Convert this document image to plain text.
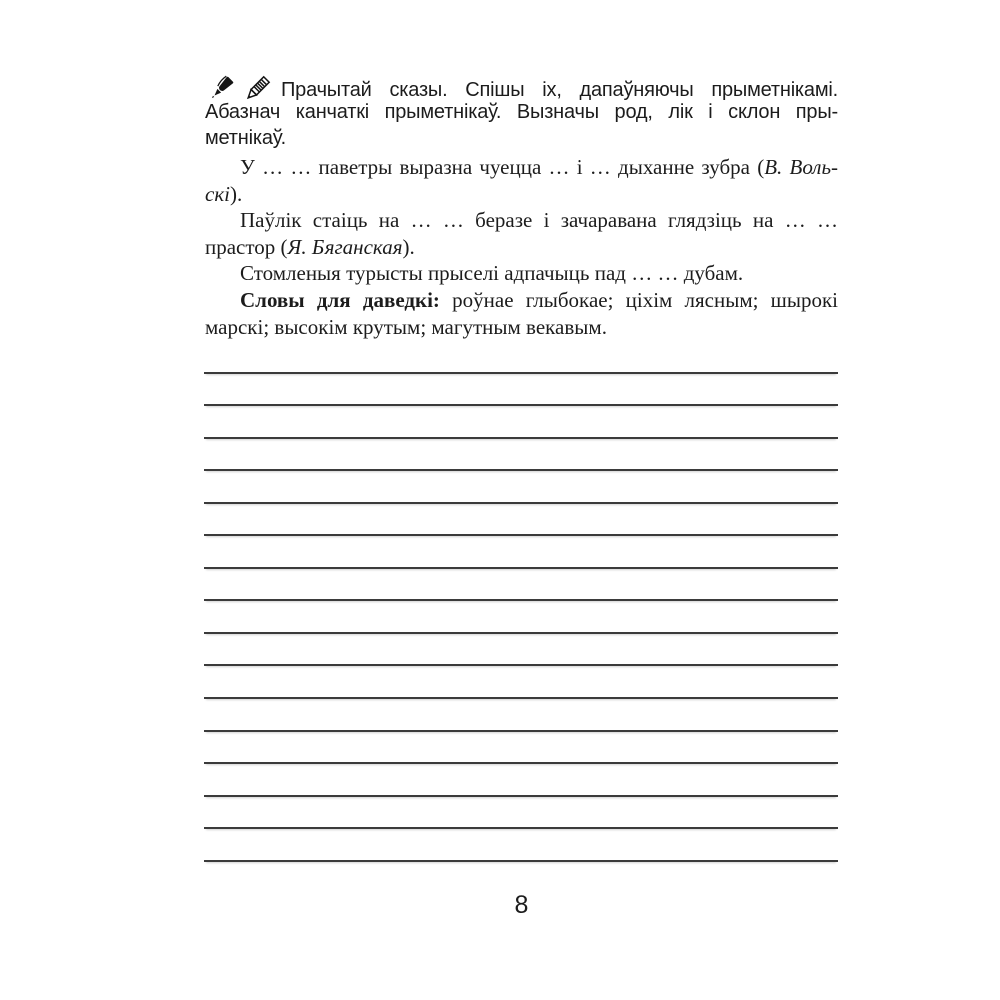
Прачытай сказы. Спішы іх, дапаўняючы прыметнікамі.
Абазнач канчаткі прыметнікаў. Вызначы род, лік і склон пры-
метнікаў.
У … … паветры выразна чуецца … і … дыханне зубра (В. Воль-
скі).
Паўлік стаіць на … … беразе і зачаравана глядзіць на … …
прастор (Я. Бяганская).
Стомленыя турысты прыселі адпачыць пад … … дубам.
Словы для даведкі: роўнае глыбокае; ціхім лясным; шырокі
марскі; высокім крутым; магутным векавым.
8
